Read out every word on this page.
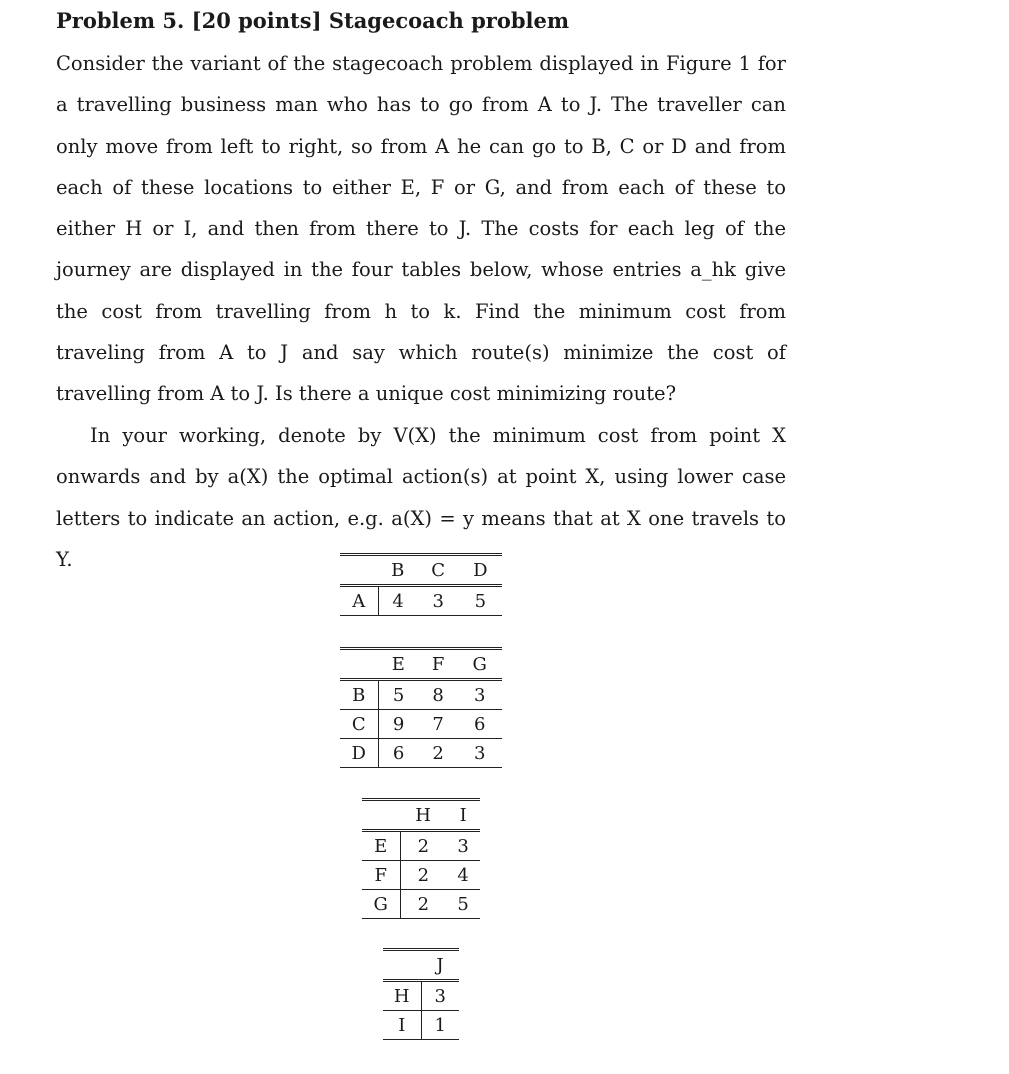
Problem 5. [20 points] Stagecoach problem

Consider the variant of the stagecoach problem displayed in Figure 1 for a travelling business man who has to go from A to J. The traveller can only move from left to right, so from A he can go to B, C or D and from each of these locations to either E, F or G, and from each of these to either H or I, and then from there to J. The costs for each leg of the journey are displayed in the four tables below, whose entries a_hk give the cost from travelling from h to k. Find the minimum cost from traveling from A to J and say which route(s) minimize the cost of travelling from A to J. Is there a unique cost minimizing route?

In your working, denote by V(X) the minimum cost from point X onwards and by a(X) the optimal action(s) at point X, using lower case letters to indicate an action, e.g. a(X) = y means that at X one travels to Y.

		B	C	D
A	4	3	5
	E	F	G
B	5	8	3
C	9	7	6
D	6	2	3
	H	I
E	2	3
F	2	4
G	2	5
	J
H	3
I	1
